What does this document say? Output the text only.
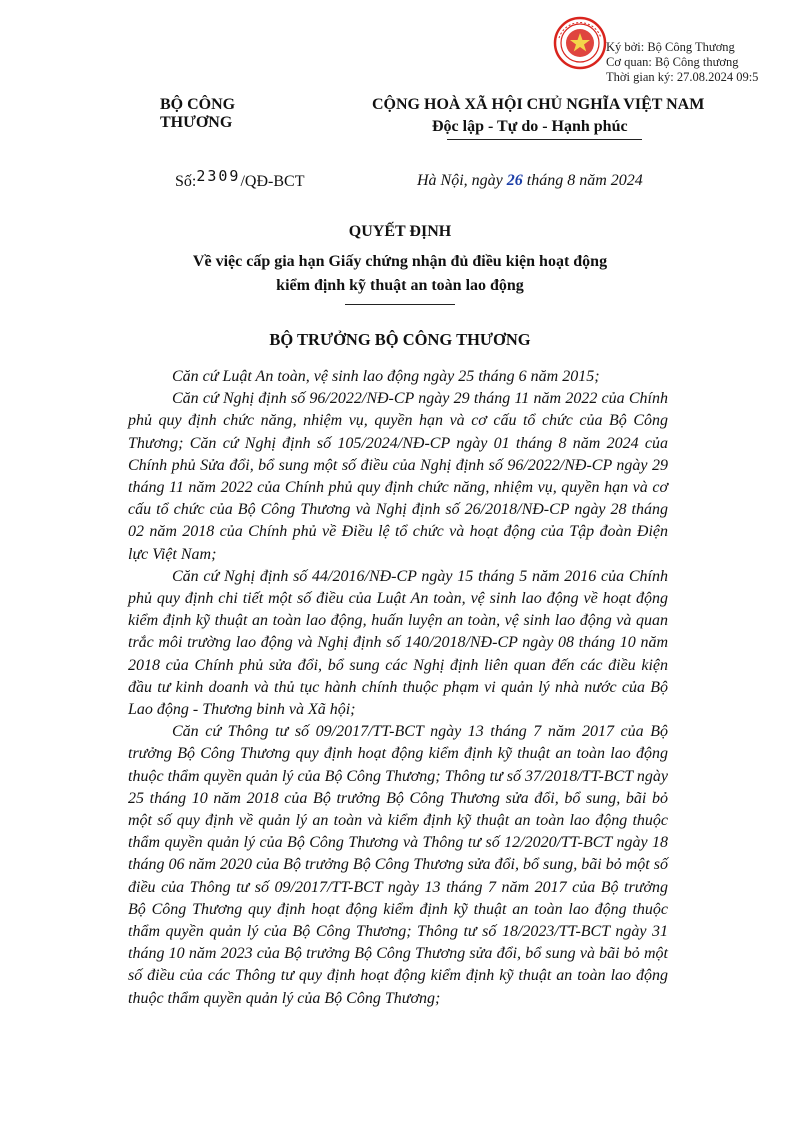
Ký bởi: Bộ Công Thương
Cơ quan: Bộ Công thương
Thời gian ký: 27.08.2024 09:5
BỘ CÔNG THƯƠNG
CỘNG HOÀ XÃ HỘI CHỦ NGHĨA VIỆT NAM
Độc lập - Tự do - Hạnh phúc
Số:2309/QĐ-BCT	Hà Nội, ngày 26 tháng 8 năm 2024
QUYẾT ĐỊNH
Về việc cấp gia hạn Giấy chứng nhận đủ điều kiện hoạt động
kiểm định kỹ thuật an toàn lao động
BỘ TRƯỞNG BỘ CÔNG THƯƠNG

Căn cứ Luật An toàn, vệ sinh lao động ngày 25 tháng 6 năm 2015;

Căn cứ Nghị định số 96/2022/NĐ-CP ngày 29 tháng 11 năm 2022 của Chính phủ quy định chức năng, nhiệm vụ, quyền hạn và cơ cấu tổ chức của Bộ Công Thương; Căn cứ Nghị định số 105/2024/NĐ-CP ngày 01 tháng 8 năm 2024 của Chính phủ Sửa đổi, bổ sung một số điều của Nghị định số 96/2022/NĐ-CP ngày 29 tháng 11 năm 2022 của Chính phủ quy định chức năng, nhiệm vụ, quyền hạn và cơ cấu tổ chức của Bộ Công Thương và Nghị định số 26/2018/NĐ-CP ngày 28 tháng 02 năm 2018 của Chính phủ về Điều lệ tổ chức và hoạt động của Tập đoàn Điện lực Việt Nam;

Căn cứ Nghị định số 44/2016/NĐ-CP ngày 15 tháng 5 năm 2016 của Chính phủ quy định chi tiết một số điều của Luật An toàn, vệ sinh lao động về hoạt động kiểm định kỹ thuật an toàn lao động, huấn luyện an toàn, vệ sinh lao động và quan trắc môi trường lao động và Nghị định số 140/2018/NĐ-CP ngày 08 tháng 10 năm 2018 của Chính phủ sửa đổi, bổ sung các Nghị định liên quan đến các điều kiện đầu tư kinh doanh và thủ tục hành chính thuộc phạm vi quản lý nhà nước của Bộ Lao động - Thương binh và Xã hội;

Căn cứ Thông tư số 09/2017/TT-BCT ngày 13 tháng 7 năm 2017 của Bộ trưởng Bộ Công Thương quy định hoạt động kiểm định kỹ thuật an toàn lao động thuộc thẩm quyền quản lý của Bộ Công Thương; Thông tư số 37/2018/TT-BCT ngày 25 tháng 10 năm 2018 của Bộ trưởng Bộ Công Thương sửa đổi, bổ sung, bãi bỏ một số quy định về quản lý an toàn và kiểm định kỹ thuật an toàn lao động thuộc thẩm quyền quản lý của Bộ Công Thương và Thông tư số 12/2020/TT-BCT ngày 18 tháng 06 năm 2020 của Bộ trưởng Bộ Công Thương sửa đổi, bổ sung, bãi bỏ một số điều của Thông tư số 09/2017/TT-BCT ngày 13 tháng 7 năm 2017 của Bộ trưởng Bộ Công Thương quy định hoạt động kiểm định kỹ thuật an toàn lao động thuộc thẩm quyền quản lý của Bộ Công Thương; Thông tư số 18/2023/TT-BCT ngày 31 tháng 10 năm 2023 của Bộ trưởng Bộ Công Thương sửa đổi, bổ sung và bãi bỏ một số điều của các Thông tư quy định hoạt động kiểm định kỹ thuật an toàn lao động thuộc thẩm quyền quản lý của Bộ Công Thương;
